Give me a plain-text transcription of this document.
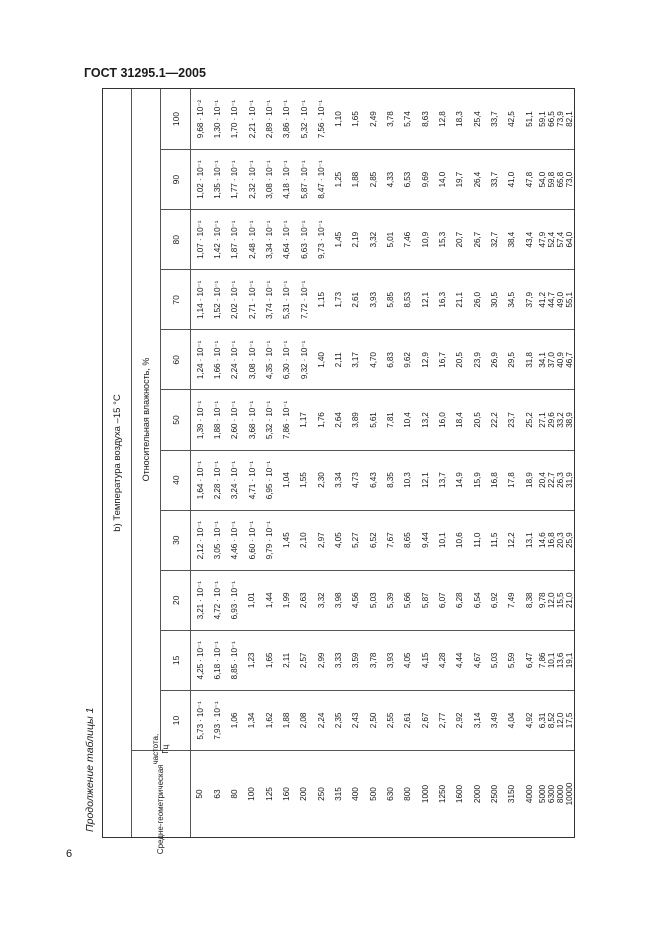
ГОСТ 31295.1—2005
6
Продолжение таблицы 1
b) Температура воздуха –15 °C
Средне-

геометрическая

частота, Гц
Относительная влажность, %
10
15
20
30
40
50
60
70
80
90
100
50
5,73 · 10⁻¹
4,25 · 10⁻¹
3,21 · 10⁻¹
2,12 · 10⁻¹
1,64 · 10⁻¹
1,39 · 10⁻¹
1,24 · 10⁻¹
1,14 · 10⁻¹
1,07 · 10⁻¹
1,02 · 10⁻¹
9,68 · 10⁻²
63
7,93 · 10⁻¹
6,18 · 10⁻¹
4,72 · 10⁻¹
3,05 · 10⁻¹
2,28 · 10⁻¹
1,88 · 10⁻¹
1,66 · 10⁻¹
1,52 · 10⁻¹
1,42 · 10⁻¹
1,35 · 10⁻¹
1,30 · 10⁻¹
80
1,06
8,85 · 10⁻¹
6,93 · 10⁻¹
4,46 · 10⁻¹
3,24 · 10⁻¹
2,60 · 10⁻¹
2,24 · 10⁻¹
2,02 · 10⁻¹
1,87 · 10⁻¹
1,77 · 10⁻¹
1,70 · 10⁻¹
100
1,34
1,23
1,01
6,60 · 10⁻¹
4,71 · 10⁻¹
3,68 · 10⁻¹
3,08 · 10⁻¹
2,71 · 10⁻¹
2,48 · 10⁻¹
2,32 · 10⁻¹
2,21 · 10⁻¹
125
1,62
1,65
1,44
9,79 · 10⁻¹
6,95 · 10⁻¹
5,32 · 10⁻¹
4,35 · 10⁻¹
3,74 · 10⁻¹
3,34 · 10⁻¹
3,08 · 10⁻¹
2,89 · 10⁻¹
160
1,88
2,11
1,99
1,45
1,04
7,86 · 10⁻¹
6,30 · 10⁻¹
5,31 · 10⁻¹
4,64 · 10⁻¹
4,18 · 10⁻¹
3,86 · 10⁻¹
200
2,08
2,57
2,63
2,10
1,55
1,17
9,32 · 10⁻¹
7,72 · 10⁻¹
6,63 · 10⁻¹
5,87 · 10⁻¹
5,32 · 10⁻¹
250
2,24
2,99
3,32
2,97
2,30
1,76
1,40
1,15
9,73 · 10⁻¹
8,47 · 10⁻¹
7,56 · 10⁻¹
315
2,35
3,33
3,98
4,05
3,34
2,64
2,11
1,73
1,45
1,25
1,10
400
2,43
3,59
4,56
5,27
4,73
3,89
3,17
2,61
2,19
1,88
1,65
500
2,50
3,78
5,03
6,52
6,43
5,61
4,70
3,93
3,32
2,85
2,49
630
2,55
3,93
5,39
7,67
8,35
7,81
6,83
5,85
5,01
4,33
3,78
800
2,61
4,05
5,66
8,65
10,3
10,4
9,62
8,53
7,46
6,53
5,74
1000
2,67
4,15
5,87
9,44
12,1
13,2
12,9
12,1
10,9
9,69
8,63
1250
2,77
4,28
6,07
10,1
13,7
16,0
16,7
16,3
15,3
14,0
12,8
1600
2,92
4,44
6,28
10,6
14,9
18,4
20,5
21,1
20,7
19,7
18,3
2000
3,14
4,67
6,54
11,0
15,9
20,5
23,9
26,0
26,7
26,4
25,4
2500
3,49
5,03
6,92
11,5
16,8
22,2
26,9
30,5
32,7
33,7
33,7
3150
4,04
5,59
7,49
12,2
17,8
23,7
29,5
34,5
38,4
41,0
42,5
4000
4,92
6,47
8,38
13,1
18,9
25,2
31,8
37,9
43,4
47,8
51,1
5000
6,31
7,86
9,78
14,6
20,4
27,1
34,1
41,2
47,9
54,0
59,1
6300
8,52
10,1
12,0
16,8
22,7
29,6
37,0
44,7
52,4
59,8
66,5
8000
12,0
13,6
15,5
20,3
26,3
33,2
40,9
49,0
57,4
65,8
73,9
10000
17,5
19,1
21,0
25,9
31,9
38,9
46,7
55,1
64,0
73,0
82,1
